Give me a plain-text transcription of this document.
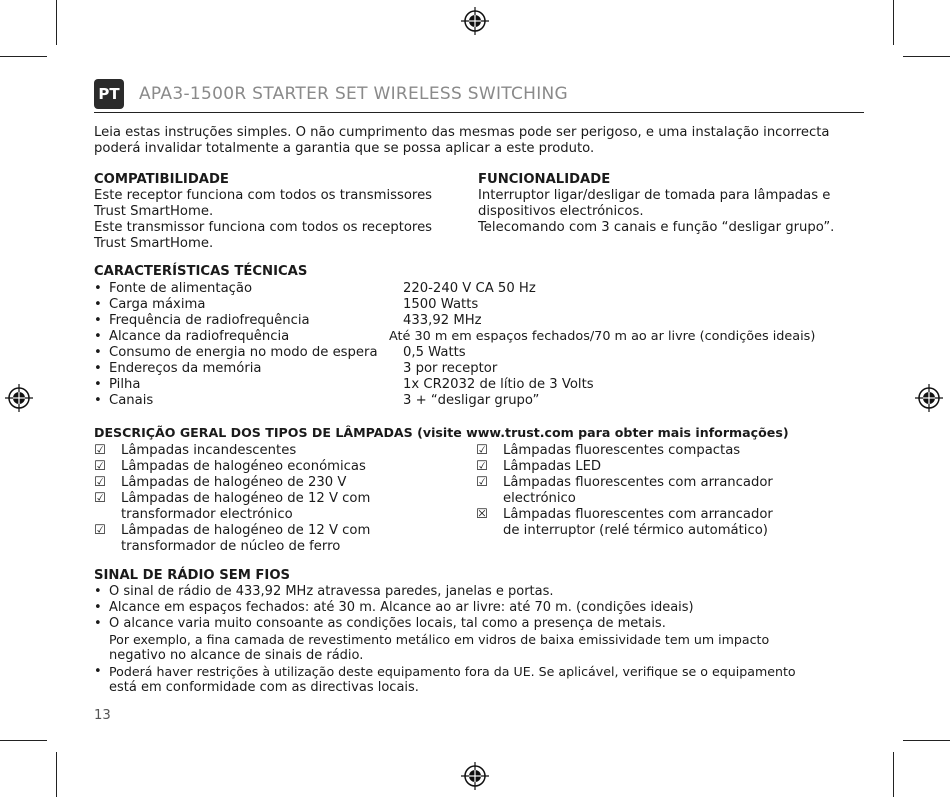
PT APA3-1500R STARTER SET WIRELESS SWITCHING
Leia estas instruções simples. O não cumprimento das mesmas pode ser perigoso, e uma instalação incorrecta
poderá invalidar totalmente a garantia que se possa aplicar a este produto.
COMPATIBILIDADE
Este receptor funciona com todos os transmissores
Trust SmartHome.
Este transmissor funciona com todos os receptores
Trust SmartHome.
FUNCIONALIDADE
Interruptor ligar/desligar de tomada para lâmpadas e
dispositivos electrónicos.
Telecomando com 3 canais e função “desligar grupo”.
CARACTERÍSTICAS TÉCNICAS
• Fonte de alimentação	220-240 V CA 50 Hz
• Carga máxima	1500 Watts
• Frequência de radiofrequência	433,92 MHz
• Alcance da radiofrequência	Até 30 m em espaços fechados/70 m ao ar livre (condições ideais)
• Consumo de energia no modo de espera 0,5 Watts
• Endereços da memória	3 por receptor
• Pilha	1x CR2032 de lítio de 3 Volts
• Canais	3 + “desligar grupo”
DESCRIÇÃO GERAL DOS TIPOS DE LÂMPADAS (visite www.trust.com para obter mais informações)
☑ Lâmpadas incandescentes
☑ Lâmpadas de halogéneo económicas
☑ Lâmpadas de halogéneo de 230 V
☑ Lâmpadas de halogéneo de 12 V com
transformador electrónico
☑ Lâmpadas de halogéneo de 12 V com
transformador de núcleo de ferro
☑ Lâmpadas fluorescentes compactas
☑ Lâmpadas LED
☑ Lâmpadas fluorescentes com arrancador
electrónico
☒ Lâmpadas fluorescentes com arrancador
de interruptor (relé térmico automático)
SINAL DE RÁDIO SEM FIOS
• O sinal de rádio de 433,92 MHz atravessa paredes, janelas e portas.
• Alcance em espaços fechados: até 30 m. Alcance ao ar livre: até 70 m. (condições ideais)
• O alcance varia muito consoante as condições locais, tal como a presença de metais.
Por exemplo, a fina camada de revestimento metálico em vidros de baixa emissividade tem um impacto
negativo no alcance de sinais de rádio.
• Poderá haver restrições à utilização deste equipamento fora da UE. Se aplicável, verifique se o equipamento
está em conformidade com as directivas locais.
13
